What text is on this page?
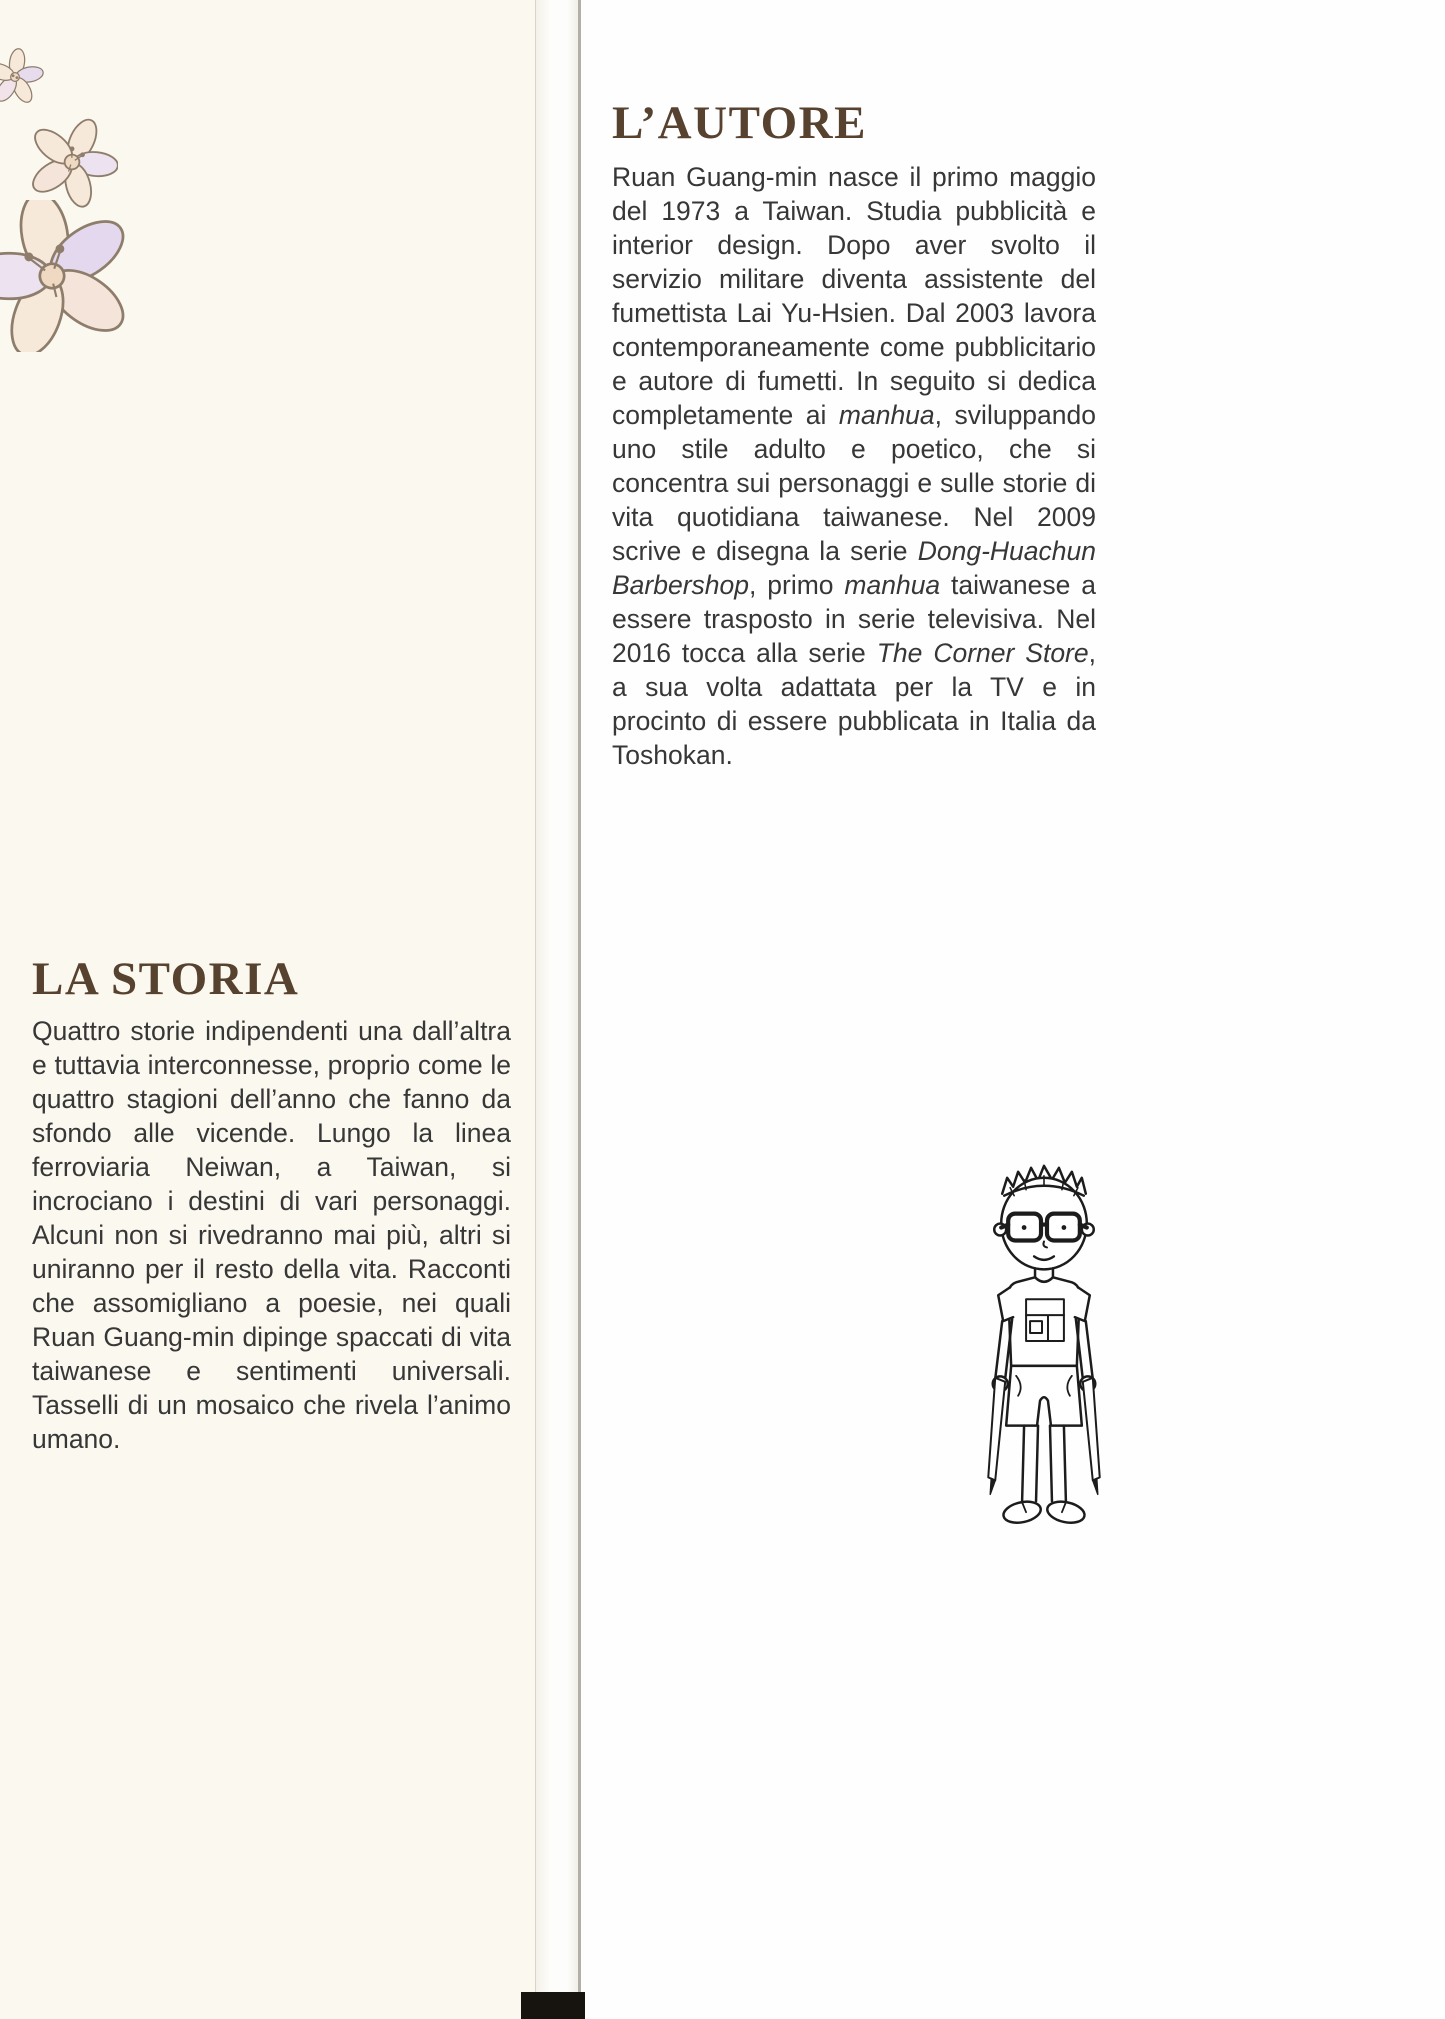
L’AUTORE

Ruan Guang-min nasce il primo maggio del 1973 a Taiwan. Studia pubblicità e interior design. Dopo aver svolto il servizio militare diventa assistente del fumettista Lai Yu-Hsien. Dal 2003 lavora contemporaneamente come pubblicitario e autore di fumetti. In seguito si dedica completamente ai manhua, sviluppando uno stile adulto e poetico, che si concentra sui personaggi e sulle storie di vita quotidiana taiwanese. Nel 2009 scrive e disegna la serie Dong-Huachun Barbershop, primo manhua taiwanese a essere trasposto in serie televisiva. Nel 2016 tocca alla serie The Corner Store, a sua volta adattata per la TV e in procinto di essere pubblicata in Italia da Toshokan.

LA STORIA

Quattro storie indipendenti una dall’altra e tuttavia interconnesse, proprio come le quattro stagioni dell’anno che fanno da sfondo alle vicende. Lungo la linea ferroviaria Neiwan, a Taiwan, si incrociano i destini di vari personaggi. Alcuni non si rivedranno mai più, altri si uniranno per il resto della vita. Racconti che assomigliano a poesie, nei quali Ruan Guang-min dipinge spaccati di vita taiwanese e sentimenti universali. Tasselli di un mosaico che rivela l’animo umano.
